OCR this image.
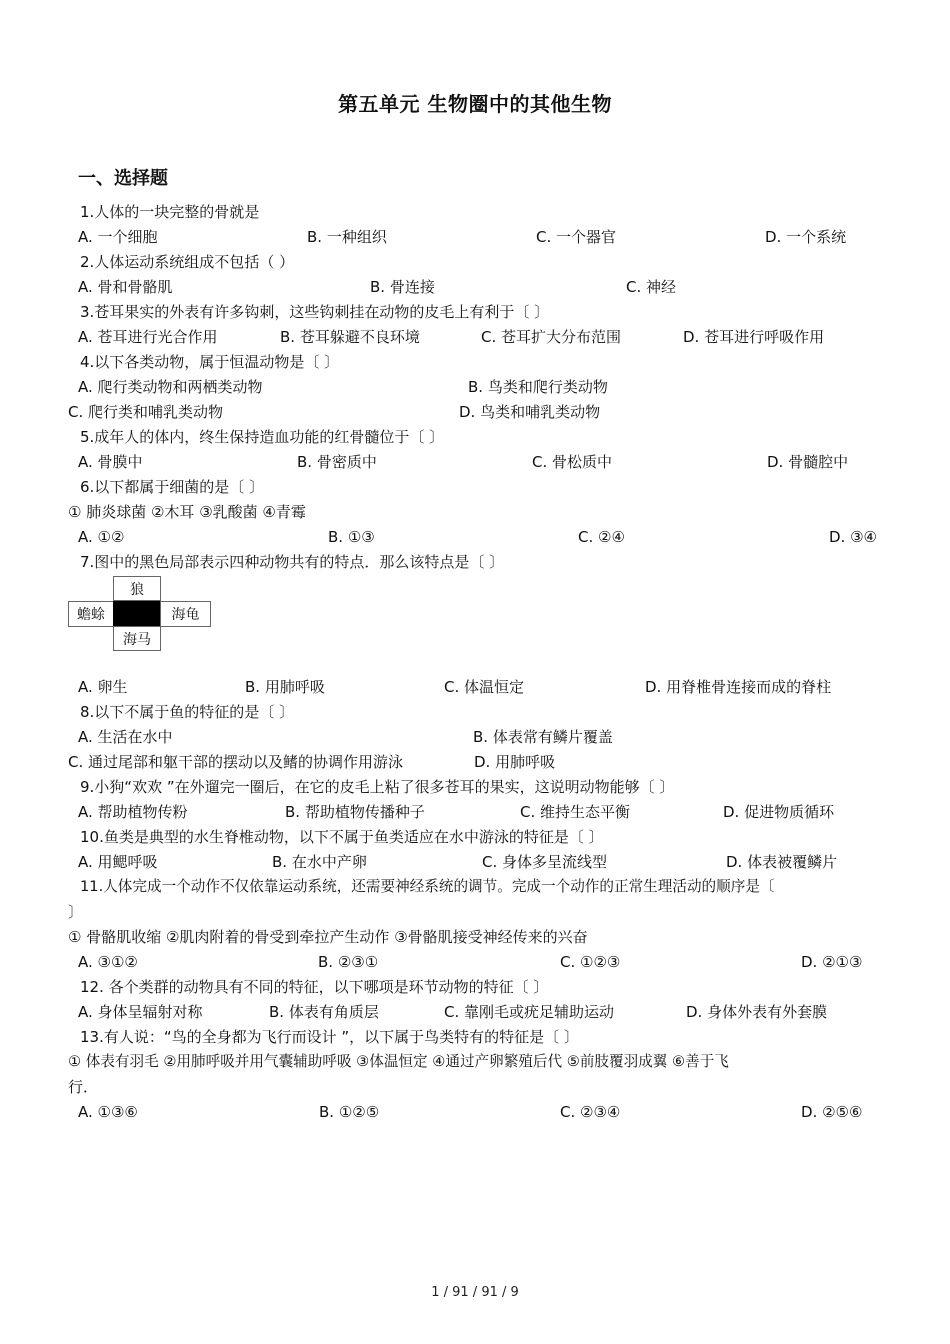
第五单元 生物圈中的其他生物
一、选择题
1.人体的一块完整的骨就是
A. 一个细胞	B. 一种组织	C. 一个器官	D. 一个系统
2.人体运动系统组成不包括（ ）
A. 骨和骨骼肌	B. 骨连接	C. 神经
3.苍耳果实的外表有许多钩刺，这些钩刺挂在动物的皮毛上有利于〔 〕
A. 苍耳进行光合作用	B. 苍耳躲避不良环境	C. 苍耳扩大分布范围	D. 苍耳进行呼吸作用
4.以下各类动物，属于恒温动物是〔 〕
A. 爬行类动物和两栖类动物	B. 鸟类和爬行类动物
C. 爬行类和哺乳类动物	D. 鸟类和哺乳类动物
5.成年人的体内，终生保持造血功能的红骨髓位于〔 〕
A. 骨膜中	B. 骨密质中	C. 骨松质中	D. 骨髓腔中
6.以下都属于细菌的是〔 〕
① 肺炎球菌 ②木耳 ③乳酸菌 ④青霉
A. ①②	B. ①③	C. ②④	D. ③④
7.图中的黑色局部表示四种动物共有的特点．那么该特点是〔 〕
狼
蟾蜍	海龟
海马
A. 卵生	B. 用肺呼吸	C. 体温恒定	D. 用脊椎骨连接而成的脊柱
8.以下不属于鱼的特征的是〔 〕
A. 生活在水中	B. 体表常有鳞片覆盖
C. 通过尾部和躯干部的摆动以及鳍的协调作用游泳	D. 用肺呼吸
9.小狗“欢欢 ”在外遛完一圈后，在它的皮毛上粘了很多苍耳的果实，这说明动物能够〔 〕
A. 帮助植物传粉	B. 帮助植物传播种子	C. 维持生态平衡	D. 促进物质循环
10.鱼类是典型的水生脊椎动物，以下不属于鱼类适应在水中游泳的特征是〔 〕
A. 用鳃呼吸	B. 在水中产卵	C. 身体多呈流线型	D. 体表被覆鳞片
11.人体完成一个动作不仅依靠运动系统，还需要神经系统的调节。完成一个动作的正常生理活动的顺序是〔
〕
① 骨骼肌收缩 ②肌肉附着的骨受到牵拉产生动作 ③骨骼肌接受神经传来的兴奋
A. ③①②	B. ②③①	C. ①②③	D. ②①③
12. 各个类群的动物具有不同的特征，以下哪项是环节动物的特征〔 〕
A. 身体呈辐射对称	B. 体表有角质层	C. 靠刚毛或疣足辅助运动	D. 身体外表有外套膜
13.有人说：“鸟的全身都为飞行而设计 ”，以下属于鸟类特有的特征是〔 〕
① 体表有羽毛 ②用肺呼吸并用气囊辅助呼吸 ③体温恒定 ④通过产卵繁殖后代 ⑤前肢覆羽成翼 ⑥善于飞
行．
A. ①③⑥	B. ①②⑤	C. ②③④	D. ②⑤⑥
1 / 91 / 91 / 9
